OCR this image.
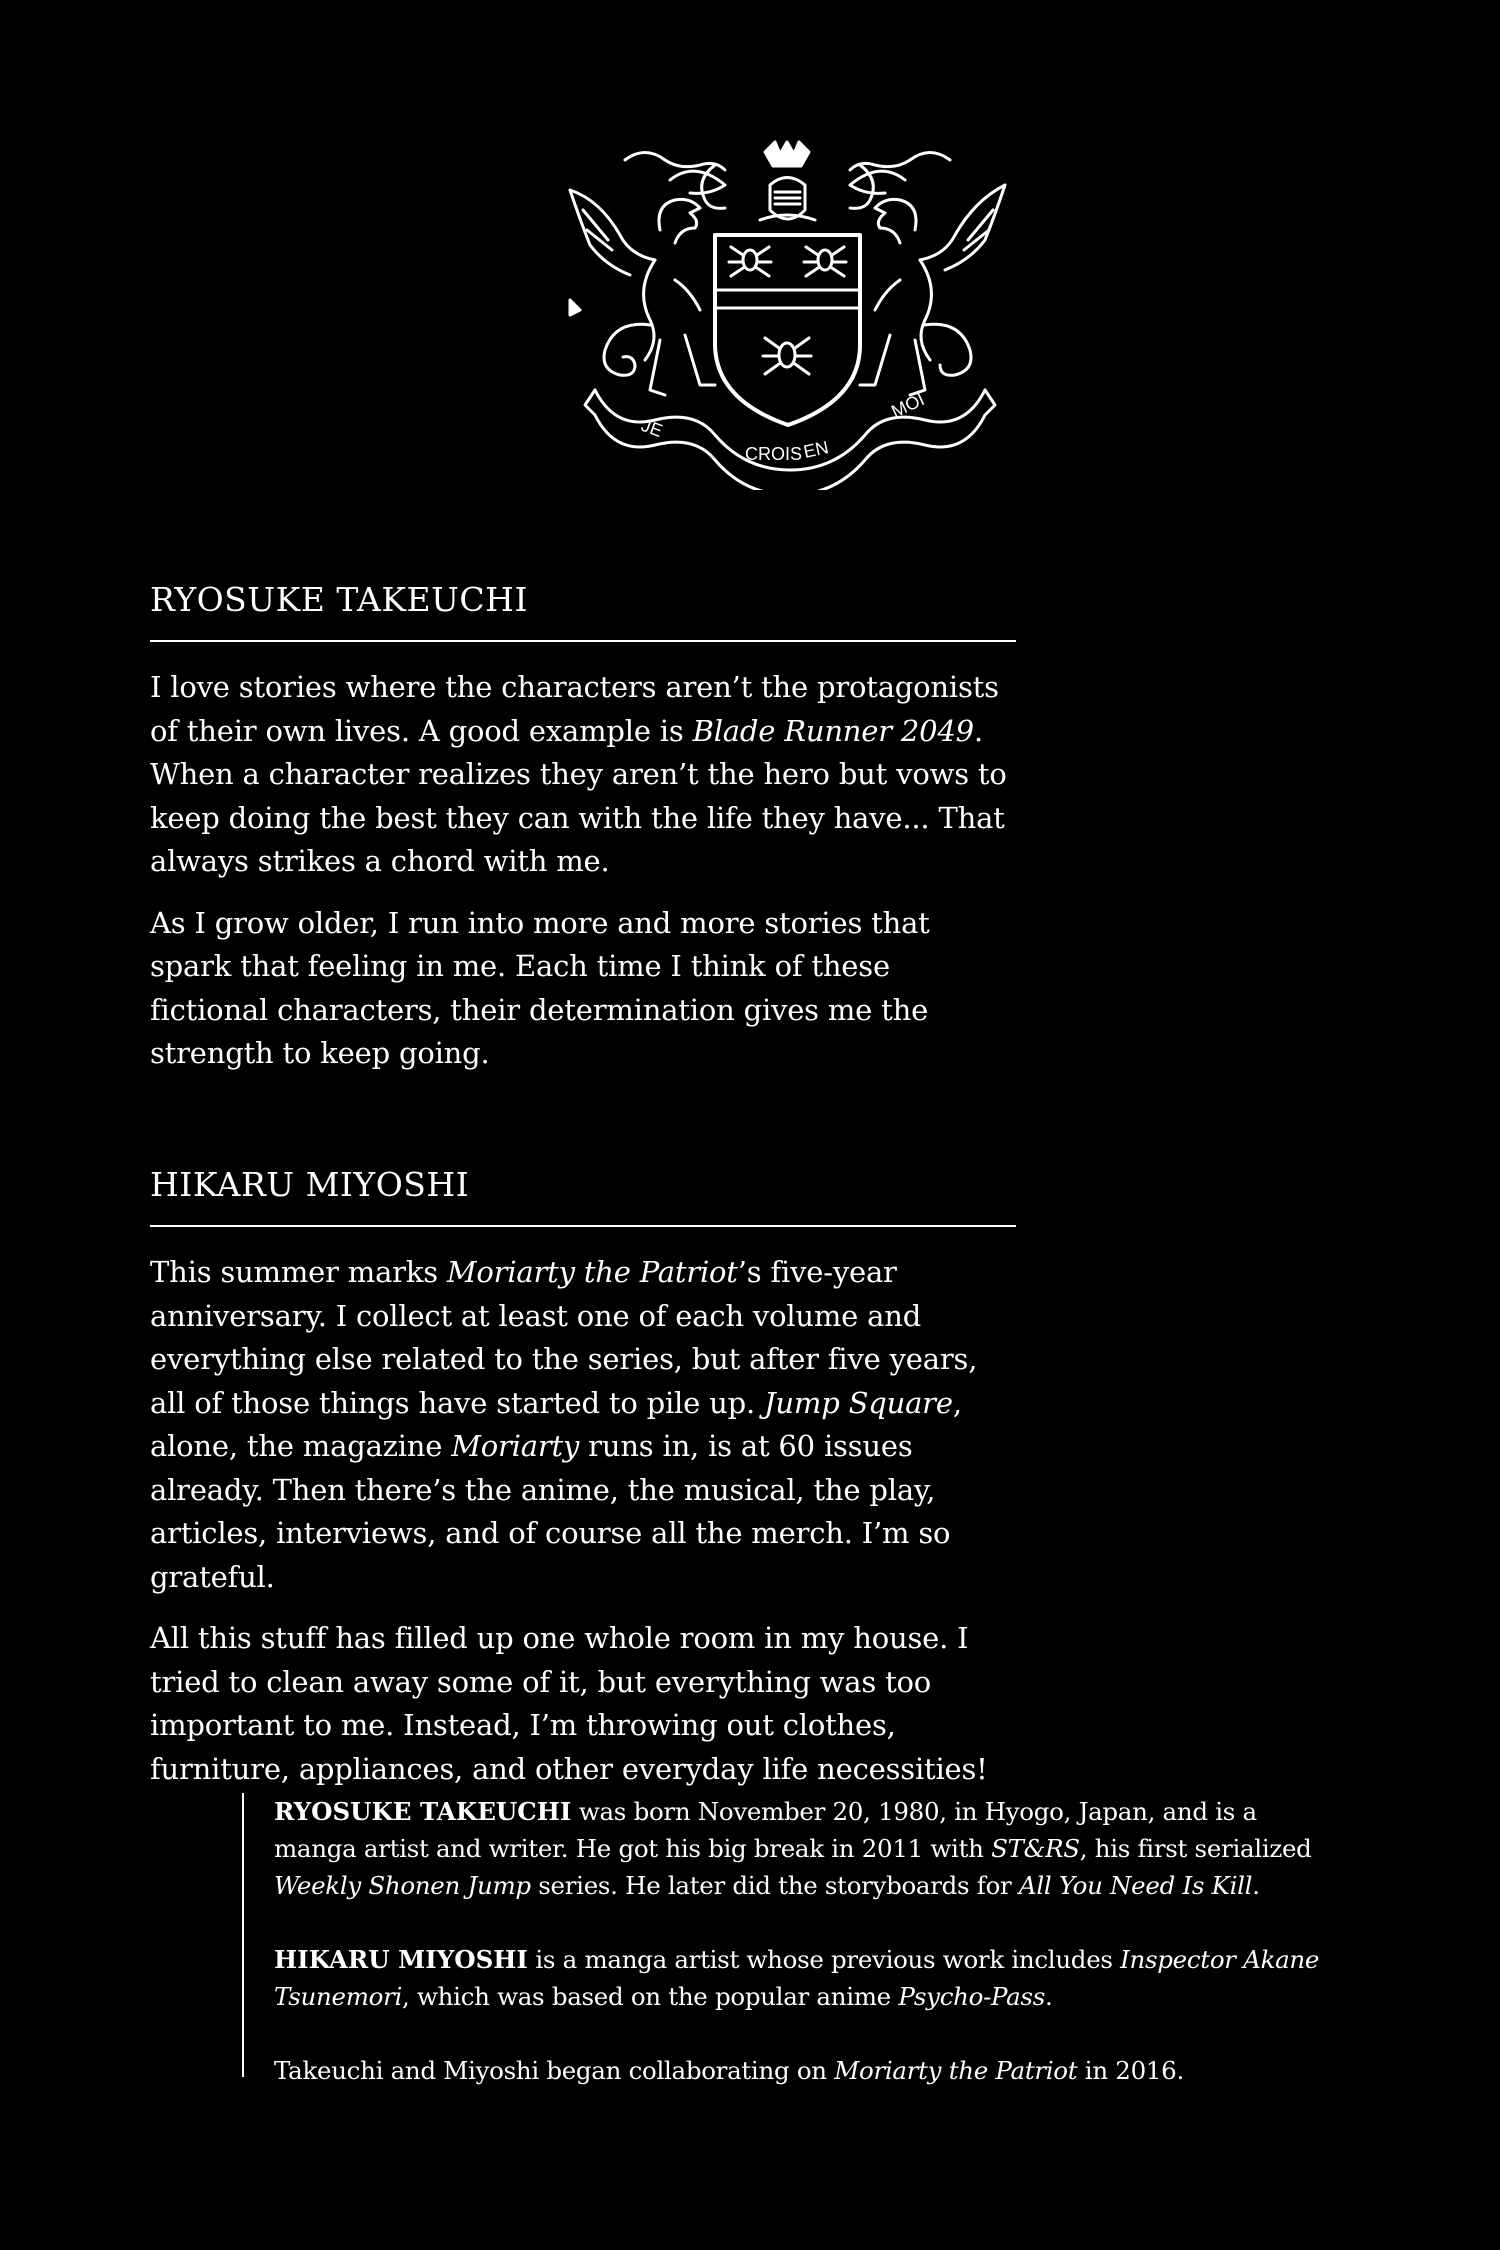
JE
CROIS EN
MOI
RYOSUKE TAKEUCHI

I love stories where the characters aren’t the protagonists of their own lives. A good example is Blade Runner 2049. When a character realizes they aren’t the hero but vows to keep doing the best they can with the life they have... That always strikes a chord with me.

As I grow older, I run into more and more stories that spark that feeling in me. Each time I think of these fictional characters, their determination gives me the strength to keep going.

HIKARU MIYOSHI

This summer marks Moriarty the Patriot’s five-year anniversary. I collect at least one of each volume and everything else related to the series, but after five years, all of those things have started to pile up. Jump Square, alone, the magazine Moriarty runs in, is at 60 issues already. Then there’s the anime, the musical, the play, articles, interviews, and of course all the merch. I’m so grateful.

All this stuff has filled up one whole room in my house. I tried to clean away some of it, but everything was too important to me. Instead, I’m throwing out clothes, furniture, appliances, and other everyday life necessities!

RYOSUKE TAKEUCHI was born November 20, 1980, in Hyogo, Japan, and is a manga artist and writer. He got his big break in 2011 with ST&RS, his first serialized Weekly Shonen Jump series. He later did the storyboards for All You Need Is Kill.

HIKARU MIYOSHI is a manga artist whose previous work includes Inspector Akane Tsunemori, which was based on the popular anime Psycho-Pass.

Takeuchi and Miyoshi began collaborating on Moriarty the Patriot in 2016.
